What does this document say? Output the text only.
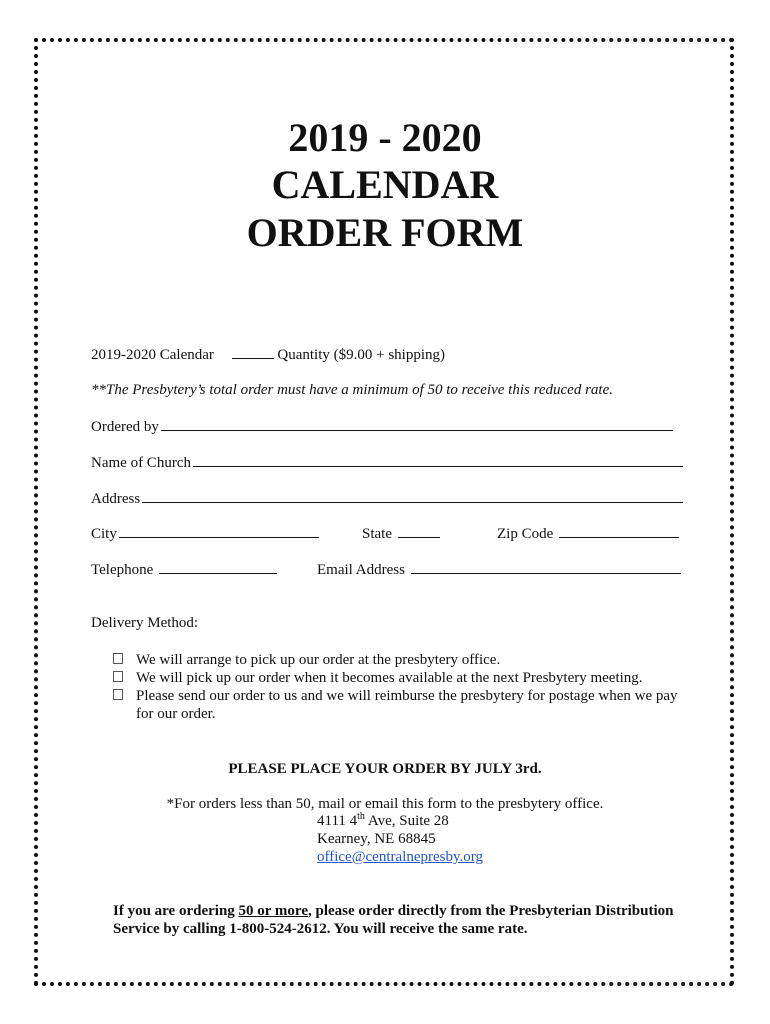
2019 - 2020
CALENDAR
ORDER FORM
2019-2020 Calendar	Quantity ($9.00 + shipping)
**The Presbytery’s total order must have a minimum of 50 to receive this reduced rate.
Ordered by
Name of Church
Address
City	State	Zip Code
Telephone	Email Address
Delivery Method:
We will arrange to pick up our order at the presbytery office.
We will pick up our order when it becomes available at the next Presbytery meeting.
Please send our order to us and we will reimburse the presbytery for postage when we pay
for our order.
PLEASE PLACE YOUR ORDER BY JULY 3rd.
*For orders less than 50, mail or email this form to the presbytery office.
4111 4th Ave, Suite 28
Kearney, NE 68845
office@centralnepresby.org
If you are ordering 50 or more, please order directly from the Presbyterian Distribution
Service by calling 1-800-524-2612. You will receive the same rate.
